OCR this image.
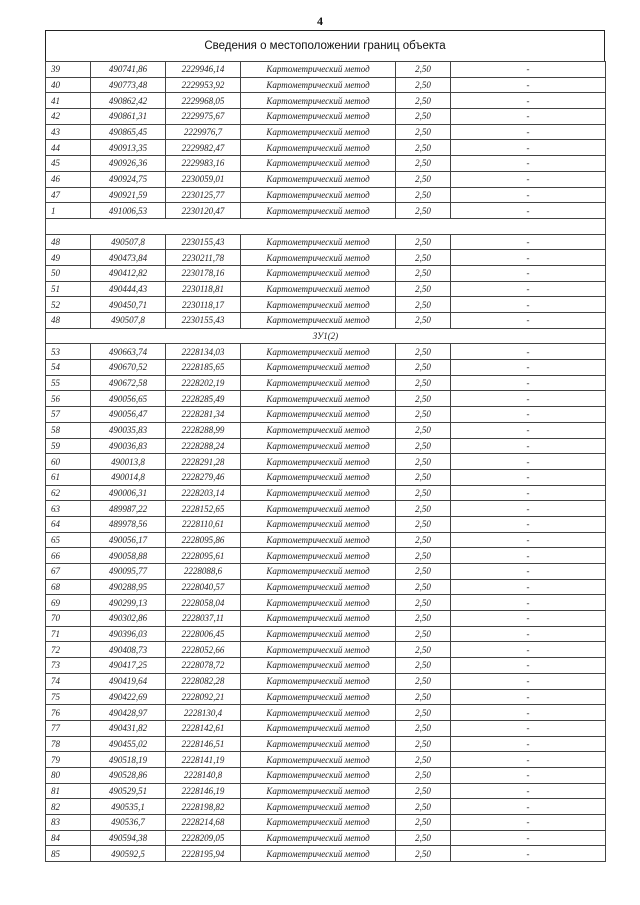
4
Сведения о местоположении границ объекта
39	490741,86	2229946,14	Картометрический метод	2,50	-
40	490773,48	2229953,92	Картометрический метод	2,50	-
41	490862,42	2229968,05	Картометрический метод	2,50	-
42	490861,31	2229975,67	Картометрический метод	2,50	-
43	490865,45	2229976,7	Картометрический метод	2,50	-
44	490913,35	2229982,47	Картометрический метод	2,50	-
45	490926,36	2229983,16	Картометрический метод	2,50	-
46	490924,75	2230059,01	Картометрический метод	2,50	-
47	490921,59	2230125,77	Картометрический метод	2,50	-
1	491006,53	2230120,47	Картометрический метод	2,50	-

48	490507,8	2230155,43	Картометрический метод	2,50	-
49	490473,84	2230211,78	Картометрический метод	2,50	-
50	490412,82	2230178,16	Картометрический метод	2,50	-
51	490444,43	2230118,81	Картометрический метод	2,50	-
52	490450,71	2230118,17	Картометрический метод	2,50	-
48	490507,8	2230155,43	Картометрический метод	2,50	-
ЗУ1(2)					
53	490663,74	2228134,03	Картометрический метод	2,50	-
54	490670,52	2228185,65	Картометрический метод	2,50	-
55	490672,58	2228202,19	Картометрический метод	2,50	-
56	490056,65	2228285,49	Картометрический метод	2,50	-
57	490056,47	2228281,34	Картометрический метод	2,50	-
58	490035,83	2228288,99	Картометрический метод	2,50	-
59	490036,83	2228288,24	Картометрический метод	2,50	-
60	490013,8	2228291,28	Картометрический метод	2,50	-
61	490014,8	2228279,46	Картометрический метод	2,50	-
62	490006,31	2228203,14	Картометрический метод	2,50	-
63	489987,22	2228152,65	Картометрический метод	2,50	-
64	489978,56	2228110,61	Картометрический метод	2,50	-
65	490056,17	2228095,86	Картометрический метод	2,50	-
66	490058,88	2228095,61	Картометрический метод	2,50	-
67	490095,77	2228088,6	Картометрический метод	2,50	-
68	490288,95	2228040,57	Картометрический метод	2,50	-
69	490299,13	2228058,04	Картометрический метод	2,50	-
70	490302,86	2228037,11	Картометрический метод	2,50	-
71	490396,03	2228006,45	Картометрический метод	2,50	-
72	490408,73	2228052,66	Картометрический метод	2,50	-
73	490417,25	2228078,72	Картометрический метод	2,50	-
74	490419,64	2228082,28	Картометрический метод	2,50	-
75	490422,69	2228092,21	Картометрический метод	2,50	-
76	490428,97	2228130,4	Картометрический метод	2,50	-
77	490431,82	2228142,61	Картометрический метод	2,50	-
78	490455,02	2228146,51	Картометрический метод	2,50	-
79	490518,19	2228141,19	Картометрический метод	2,50	-
80	490528,86	2228140,8	Картометрический метод	2,50	-
81	490529,51	2228146,19	Картометрический метод	2,50	-
82	490535,1	2228198,82	Картометрический метод	2,50	-
83	490536,7	2228214,68	Картометрический метод	2,50	-
84	490594,38	2228209,05	Картометрический метод	2,50	-
85	490592,5	2228195,94	Картометрический метод	2,50	-
